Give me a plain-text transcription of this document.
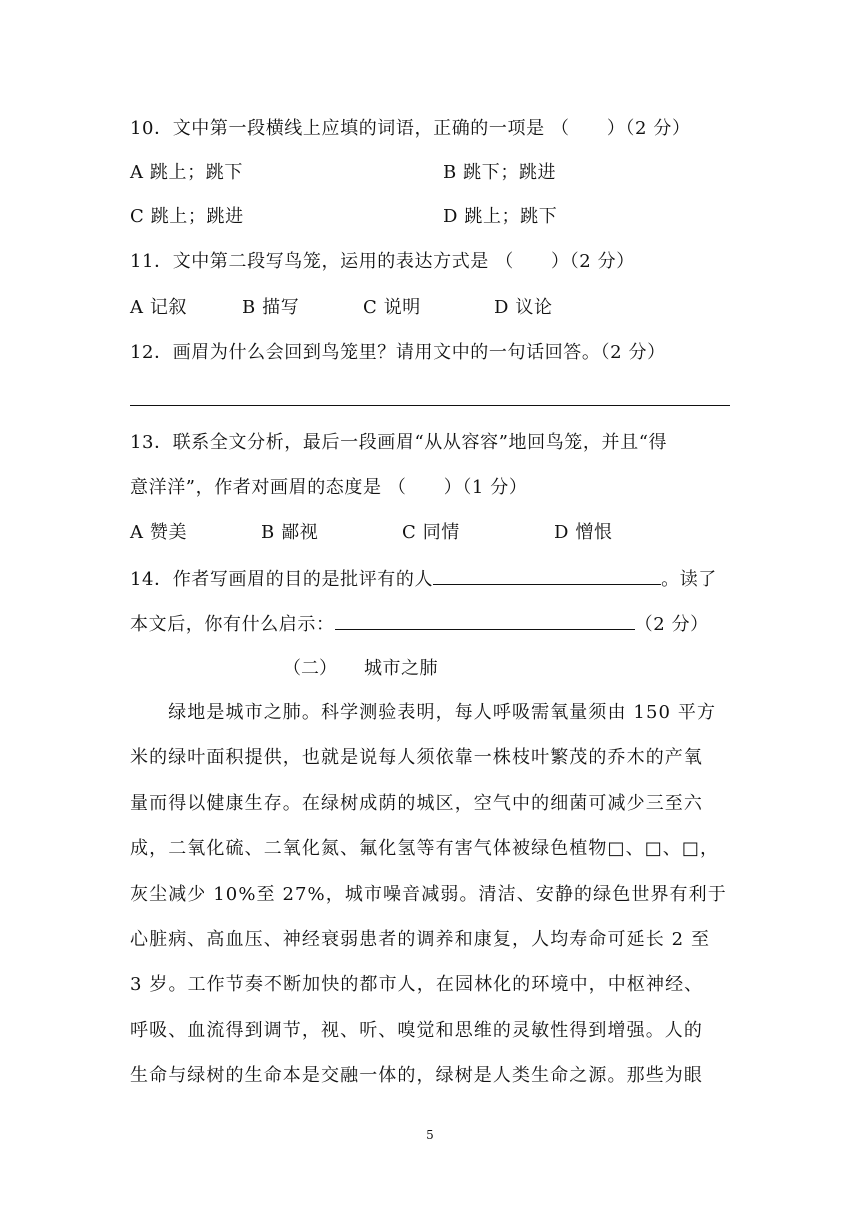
10．文中第一段横线上应填的词语，正确的一项是 （　　）（2 分）
A 跳上；跳下	B 跳下；跳进
C 跳上；跳进	D 跳上；跳下
11．文中第二段写鸟笼，运用的表达方式是 （　　）（2 分）
A 记叙	B 描写	C 说明	D 议论
12．画眉为什么会回到鸟笼里？请用文中的一句话回答。（2 分）
13．联系全文分析，最后一段画眉“从从容容”地回鸟笼，并且“得
意洋洋”，作者对画眉的态度是 （　　）（1 分）
A 赞美	B 鄙视	C 同情	D 憎恨
14．作者写画眉的目的是批评有的人	。读了
本文后，你有什么启示：	（2 分）
（二） 城市之肺

　　绿地是城市之肺。科学测验表明，每人呼吸需氧量须由 150 平方

米的绿叶面积提供，也就是说每人须依靠一株枝叶繁茂的乔木的产氧

量而得以健康生存。在绿树成荫的城区，空气中的细菌可减少三至六

成，二氧化硫、二氧化氮、氟化氢等有害气体被绿色植物□、□、□，

灰尘减少 10%至 27%，城市噪音减弱。清洁、安静的绿色世界有利于

心脏病、高血压、神经衰弱患者的调养和康复，人均寿命可延长 2 至

3 岁。工作节奏不断加快的都市人，在园林化的环境中，中枢神经、

呼吸、血流得到调节，视、听、嗅觉和思维的灵敏性得到增强。人的

生命与绿树的生命本是交融一体的，绿树是人类生命之源。那些为眼

5
